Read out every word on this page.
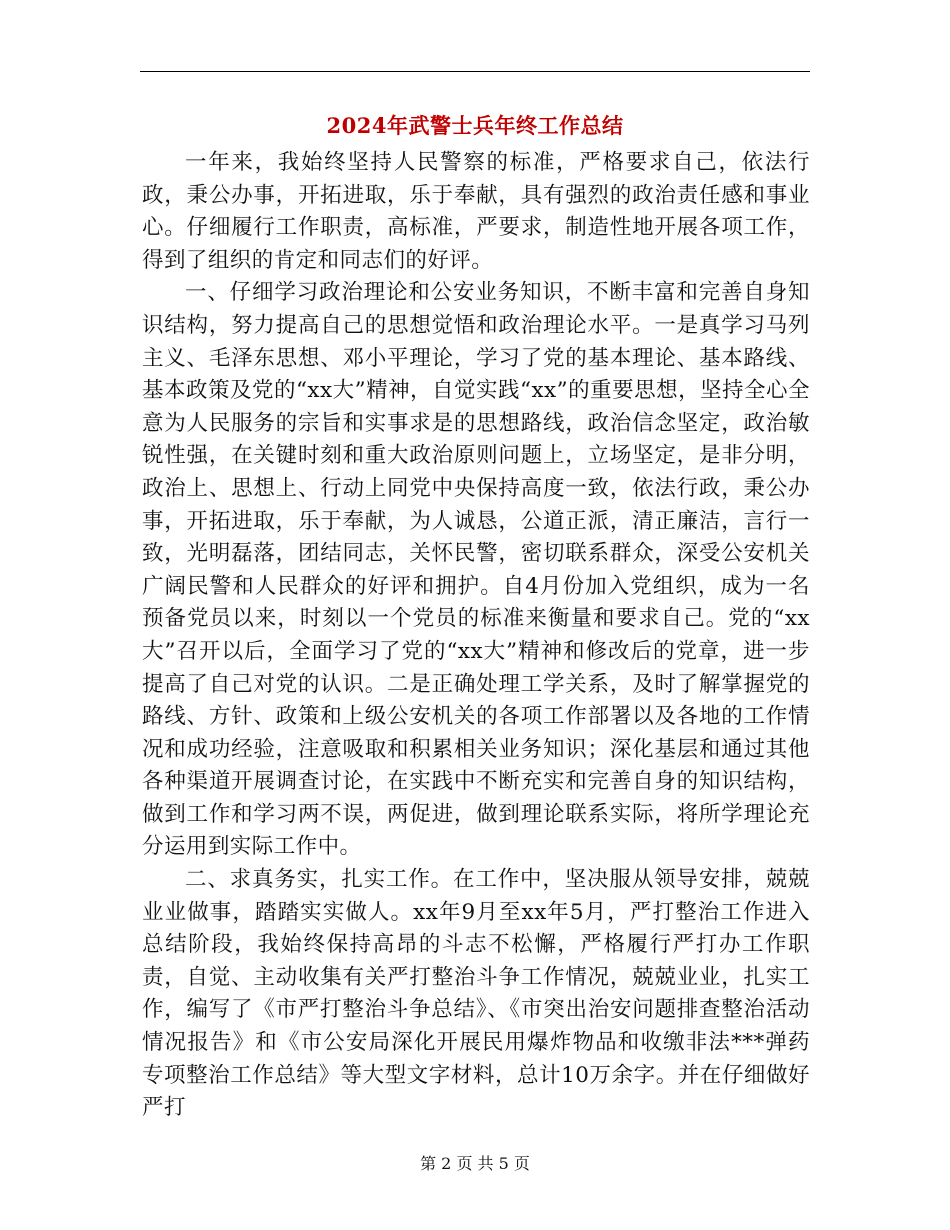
2024年武警士兵年终工作总结

一年来，我始终坚持人民警察的标准，严格要求自己，依法行政，秉公办事，开拓进取，乐于奉献，具有强烈的政治责任感和事业心。仔细履行工作职责，高标准，严要求，制造性地开展各项工作，得到了组织的肯定和同志们的好评。

一、仔细学习政治理论和公安业务知识，不断丰富和完善自身知识结构，努力提高自己的思想觉悟和政治理论水平。一是真学习马列主义、毛泽东思想、邓小平理论，学习了党的基本理论、基本路线、基本政策及党的“xx大”精神，自觉实践“xx”的重要思想，坚持全心全意为人民服务的宗旨和实事求是的思想路线，政治信念坚定，政治敏锐性强，在关键时刻和重大政治原则问题上，立场坚定，是非分明，政治上、思想上、行动上同党中央保持高度一致，依法行政，秉公办事，开拓进取，乐于奉献，为人诚恳，公道正派，清正廉洁，言行一致，光明磊落，团结同志，关怀民警，密切联系群众，深受公安机关广阔民警和人民群众的好评和拥护。自4月份加入党组织，成为一名预备党员以来，时刻以一个党员的标准来衡量和要求自己。党的“xx大”召开以后，全面学习了党的“xx大”精神和修改后的党章，进一步提高了自己对党的认识。二是正确处理工学关系，及时了解掌握党的路线、方针、政策和上级公安机关的各项工作部署以及各地的工作情况和成功经验，注意吸取和积累相关业务知识；深化基层和通过其他各种渠道开展调查讨论，在实践中不断充实和完善自身的知识结构，做到工作和学习两不误，两促进，做到理论联系实际，将所学理论充分运用到实际工作中。

二、求真务实，扎实工作。在工作中，坚决服从领导安排，兢兢业业做事，踏踏实实做人。xx年9月至xx年5月，严打整治工作进入总结阶段，我始终保持高昂的斗志不松懈，严格履行严打办工作职责，自觉、主动收集有关严打整治斗争工作情况，兢兢业业，扎实工作，编写了《市严打整治斗争总结》、《市突出治安问题排查整治活动情况报告》和《市公安局深化开展民用爆炸物品和收缴非法***弹药专项整治工作总结》等大型文字材料，总计10万余字。并在仔细做好严打

第 2 页 共 5 页
